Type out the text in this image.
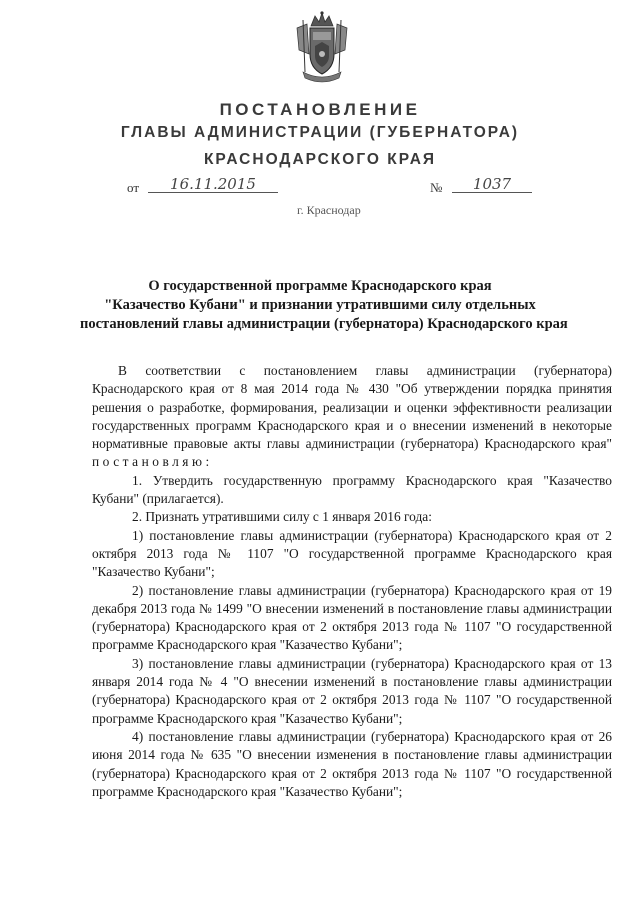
ПОСТАНОВЛЕНИЕ
ГЛАВЫ АДМИНИСТРАЦИИ (ГУБЕРНАТОРА)
КРАСНОДАРСКОГО КРАЯ
от	16.11.2015	№	1037
г. Краснодар
О государственной программе Краснодарского края
"Казачество Кубани" и признании утратившими силу отдельных
постановлений главы администрации (губернатора) Краснодарского края

В соответствии с постановлением главы администрации (губернатора) Краснодарского края от 8 мая 2014 года № 430 "Об утверждении порядка принятия решения о разработке, формирования, реализации и оценки эффективности реализации государственных программ Краснодарского края и о внесении изменений в некоторые нормативные правовые акты главы администрации (губернатора) Краснодарского края" постановляю:

1. Утвердить государственную программу Краснодарского края "Казачество Кубани" (прилагается).

2. Признать утратившими силу с 1 января 2016 года:

1) постановление главы администрации (губернатора) Краснодарского края от 2 октября 2013 года № 1107 "О государственной программе Краснодарского края "Казачество Кубани";

2) постановление главы администрации (губернатора) Краснодарского края от 19 декабря 2013 года № 1499 "О внесении изменений в постановление главы администрации (губернатора) Краснодарского края от 2 октября 2013 года № 1107 "О государственной программе Краснодарского края "Казачество Кубани";

3) постановление главы администрации (губернатора) Краснодарского края от 13 января 2014 года № 4 "О внесении изменений в постановление главы администрации (губернатора) Краснодарского края от 2 октября 2013 года № 1107 "О государственной программе Краснодарского края "Казачество Кубани";

4) постановление главы администрации (губернатора) Краснодарского края от 26 июня 2014 года № 635 "О внесении изменения в постановление главы администрации (губернатора) Краснодарского края от 2 октября 2013 года № 1107 "О государственной программе Краснодарского края "Казачество Кубани";
